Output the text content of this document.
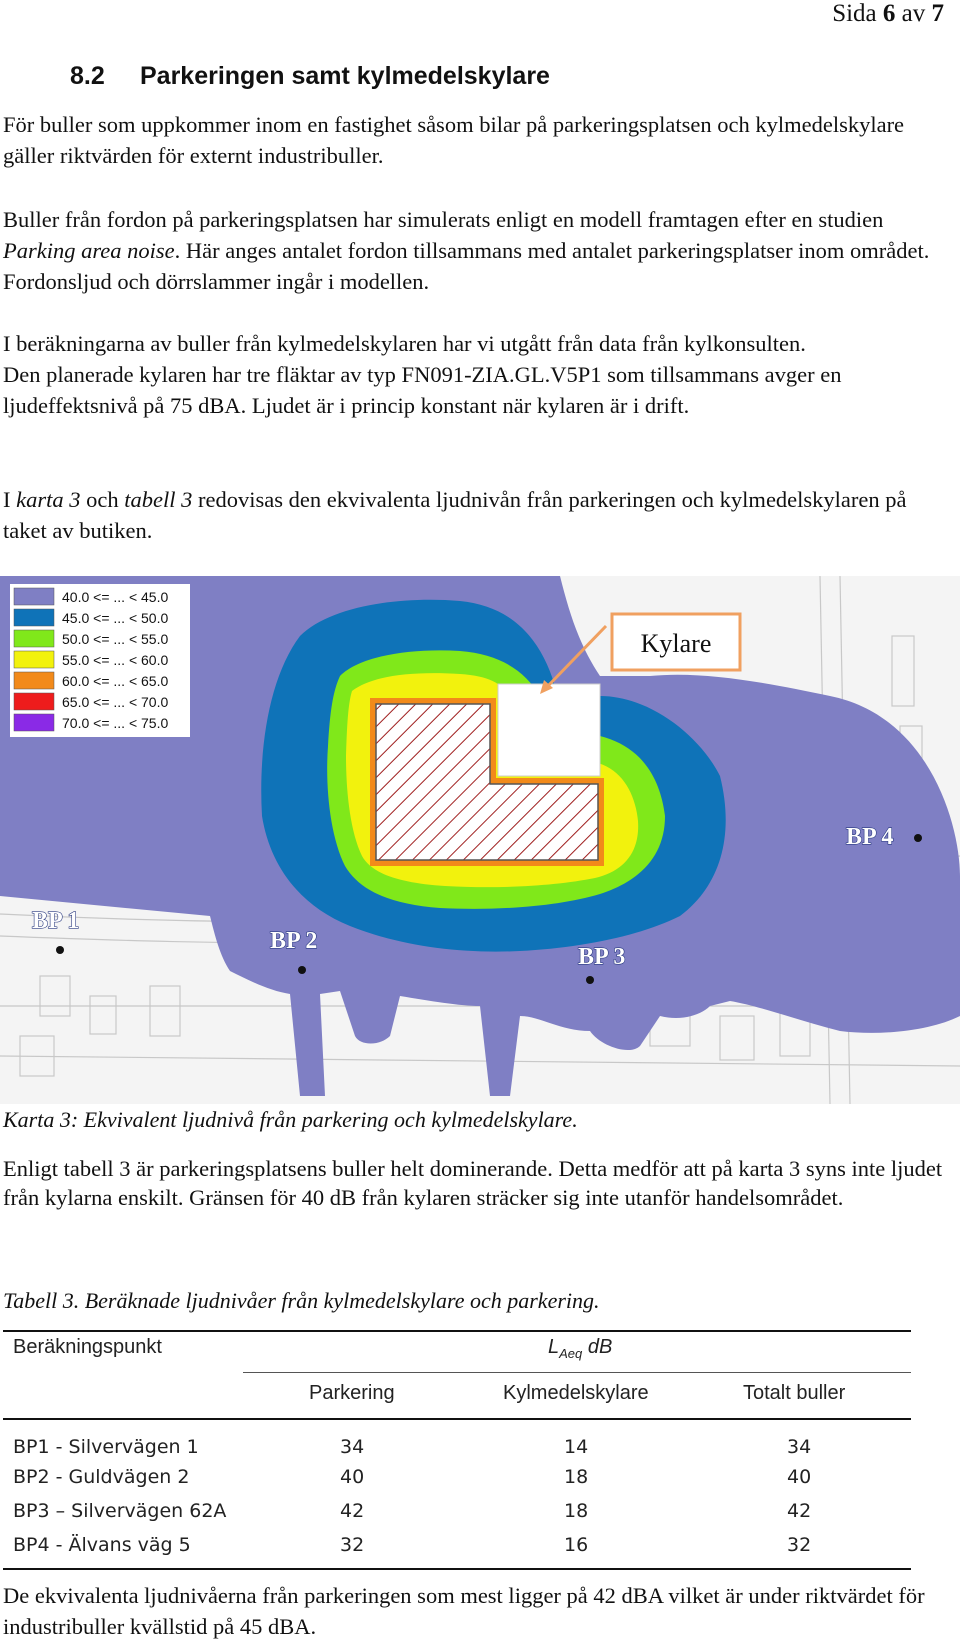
Sida 6 av 7
8.2 Parkeringen samt kylmedelskylare
För buller som uppkommer inom en fastighet såsom bilar på parkeringsplatsen och kylmedelskylare gäller riktvärden för externt industribuller.
Buller från fordon på parkeringsplatsen har simulerats enligt en modell framtagen efter en studien Parking area noise. Här anges antalet fordon tillsammans med antalet parkeringsplatser inom området. Fordonsljud och dörrslammer ingår i modellen.
I beräkningarna av buller från kylmedelskylaren har vi utgått från data från kylkonsulten.
Den planerade kylaren har tre fläktar av typ FN091-ZIA.GL.V5P1 som tillsammans avger en ljudeffektsnivå på 75 dBA. Ljudet är i princip konstant när kylaren är i drift.
I karta 3 och tabell 3 redovisas den ekvivalenta ljudnivån från parkeringen och kylmedelskylaren på taket av butiken.
Kylare
40.0 <= ... < 45.0
45.0 <= ... < 50.0
50.0 <= ... < 55.0
55.0 <= ... < 60.0
60.0 <= ... < 65.0
65.0 <= ... < 70.0
70.0 <= ... < 75.0
BP 1
BP 2
BP 3
BP 4
Karta 3: Ekvivalent ljudnivå från parkering och kylmedelskylare.
Enligt tabell 3 är parkeringsplatsens buller helt dominerande. Detta medför att på karta 3 syns inte ljudet från kylarna enskilt. Gränsen för 40 dB från kylaren sträcker sig inte utanför handelsområdet.
Tabell 3. Beräknade ljudnivåer från kylmedelskylare och parkering.
Beräkningspunkt	$L_{Aeq}$ dB
Parkering	Kylmedelskylare	Totalt buller
BP1 - Silvervägen 1	34	14	34
BP2 - Guldvägen 2	40	18	40
BP3 – Silvervägen 62A	42	18	42
BP4 - Älvans väg 5	32	16	32
De ekvivalenta ljudnivåerna från parkeringen som mest ligger på 42 dBA vilket är under riktvärdet för industribuller kvällstid på 45 dBA.
